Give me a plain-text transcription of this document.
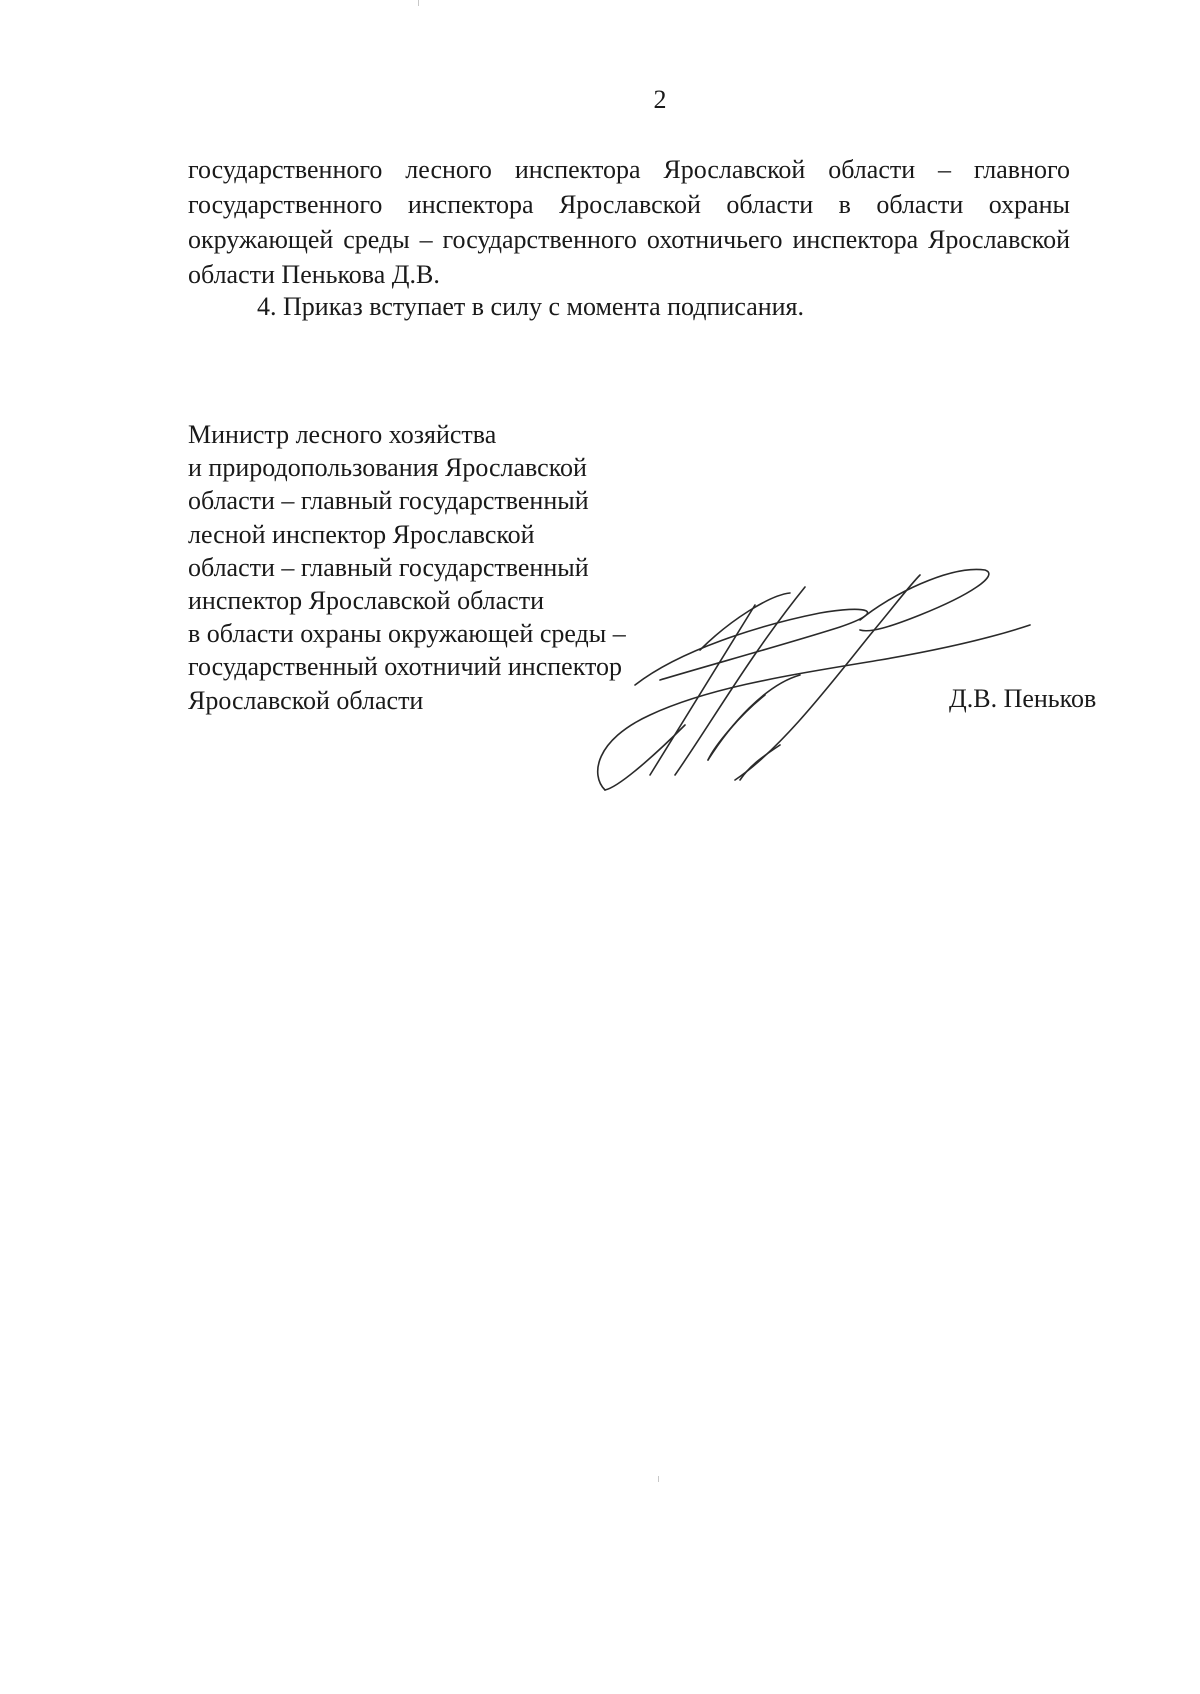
2
государственного лесного инспектора Ярославской области – главного
государственного инспектора Ярославской области в области охраны
окружающей среды – государственного охотничьего инспектора Ярославской
области Пенькова Д.В.
4. Приказ вступает в силу с момента подписания.
Министр лесного хозяйства
и природопользования Ярославской
области – главный государственный
лесной инспектор Ярославской
области – главный государственный
инспектор Ярославской области
в области охраны окружающей среды –
государственный охотничий инспектор
Ярославской области	Д.В. Пеньков
